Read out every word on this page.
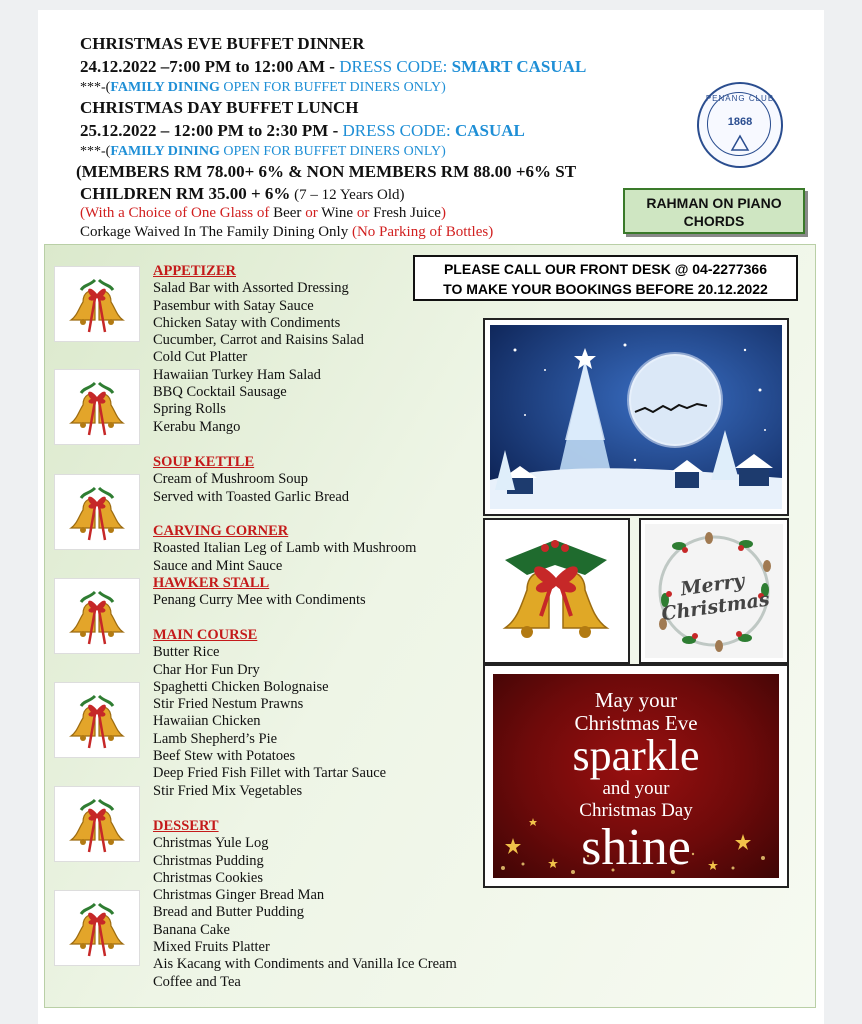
CHRISTMAS EVE BUFFET DINNER
24.12.2022 –7:00 PM to 12:00 AM - DRESS CODE: SMART CASUAL
***-(FAMILY DINING OPEN FOR BUFFET DINERS ONLY)
CHRISTMAS DAY BUFFET LUNCH
25.12.2022 – 12:00 PM to 2:30 PM - DRESS CODE: CASUAL
***-(FAMILY DINING OPEN FOR BUFFET DINERS ONLY)
(MEMBERS RM 78.00+ 6% & NON MEMBERS RM 88.00 +6% ST
CHILDREN RM 35.00 + 6% (7 – 12 Years Old)
(With a Choice of One Glass of Beer or Wine or Fresh Juice)
Corkage Waived In The Family Dining Only (No Parking of Bottles)
PENANG CLUB
1868
RAHMAN ON PIANO
CHORDS
APPETIZER
Salad Bar with Assorted Dressing
Pasembur with Satay Sauce
Chicken Satay with Condiments
Cucumber, Carrot and Raisins Salad
Cold Cut Platter
Hawaiian Turkey Ham Salad
BBQ Cocktail Sausage
Spring Rolls
Kerabu Mango
SOUP KETTLE
Cream of Mushroom Soup
Served with Toasted Garlic Bread
CARVING CORNER
Roasted Italian Leg of Lamb with Mushroom
Sauce and Mint Sauce
HAWKER STALL
Penang Curry Mee with Condiments
MAIN COURSE
Butter Rice
Char Hor Fun Dry
Spaghetti Chicken Bolognaise
Stir Fried Nestum Prawns
Hawaiian Chicken
Lamb Shepherd’s Pie
Beef Stew with Potatoes
Deep Fried Fish Fillet with Tartar Sauce
Stir Fried Mix Vegetables
DESSERT
Christmas Yule Log
Christmas Pudding
Christmas Cookies
Christmas Ginger Bread Man
Bread and Butter Pudding
Banana Cake
Mixed Fruits Platter
Ais Kacang with Condiments and Vanilla Ice Cream
Coffee and Tea
PLEASE CALL OUR FRONT DESK @ 04-2277366
TO MAKE YOUR BOOKINGS BEFORE 20.12.2022
Merry Christmas
May your
Christmas Eve
sparkle
and your
Christmas Day
shine
